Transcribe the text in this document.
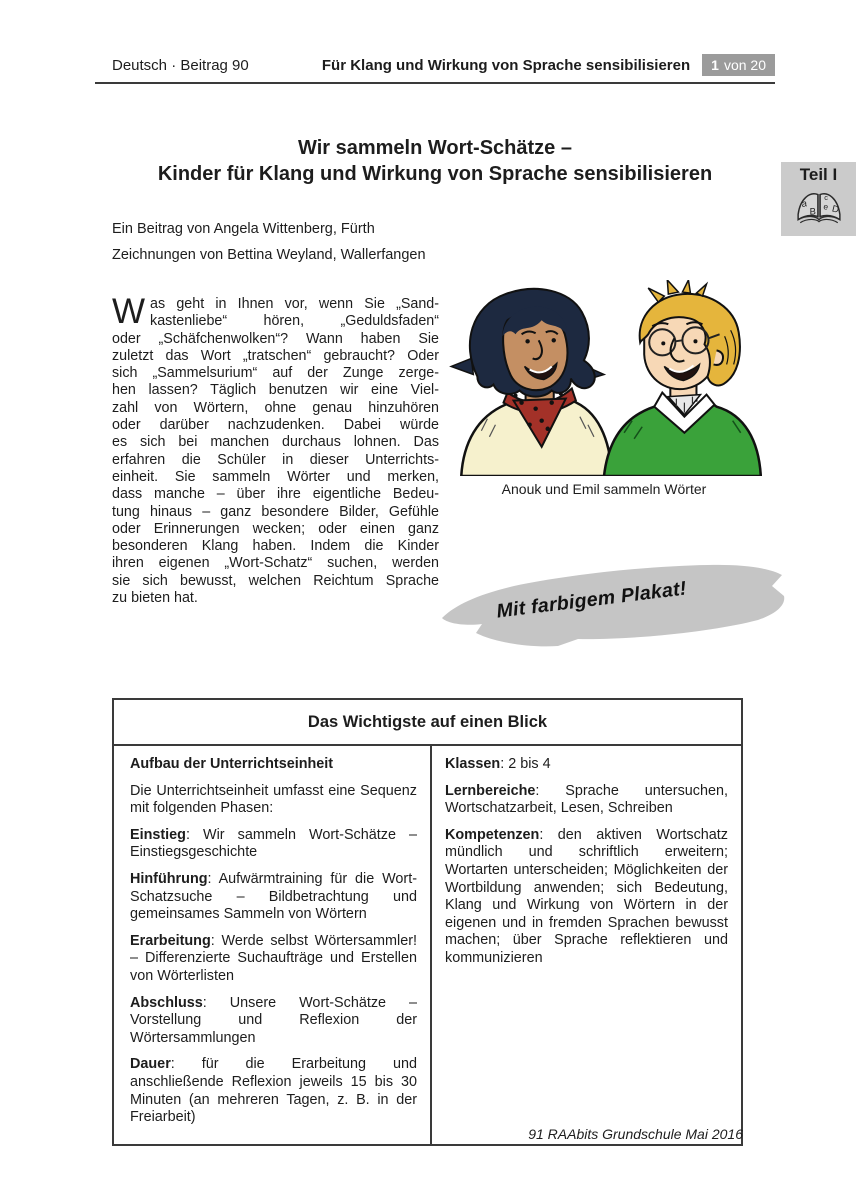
Deutsch · Beitrag 90	Für Klang und Wirkung von Sprache sensibilisieren	1 von 20
Wir sammeln Wort-Schätze –
Kinder für Klang und Wirkung von Sprache sensibilisieren	Teil I
a
B
c
e D
Ein Beitrag von Angela Wittenberg, Fürth
Zeichnungen von Bettina Weyland, Wallerfangen
W as geht in Ihnen vor, wenn Sie „Sand-
kastenliebe“ hören, „Geduldsfaden“
oder „Schäfchenwolken“? Wann haben Sie
zuletzt das Wort „tratschen“ gebraucht? Oder
sich „Sammelsurium“ auf der Zunge zerge-
hen lassen? Täglich benutzen wir eine Viel-
zahl von Wörtern, ohne genau hinzuhören
oder darüber nachzudenken. Dabei würde
es sich bei manchen durchaus lohnen. Das
erfahren die Schüler in dieser Unterrichts-
einheit. Sie sammeln Wörter und merken,
dass manche – über ihre eigentliche Bedeu-
tung hinaus – ganz besondere Bilder, Gefühle
oder Erinnerungen wecken; oder einen ganz
besonderen Klang haben. Indem die Kinder
ihren eigenen „Wort-Schatz“ suchen, werden
sie sich bewusst, welchen Reichtum Sprache
zu bieten hat.
Anouk und Emil sammeln Wörter
Mit farbigem Plakat!
Das Wichtigste auf einen Blick

Aufbau der Unterrichtseinheit

Die Unterrichtseinheit umfasst eine Sequenz mit folgenden Phasen:

Einstieg: Wir sammeln Wort-Schätze – Einstiegsgeschichte

Hinführung: Aufwärmtraining für die Wort-Schatzsuche – Bildbetrachtung und gemeinsames Sammeln von Wörtern

Erarbeitung: Werde selbst Wörtersammler! – Differenzierte Suchaufträge und Erstellen von Wörterlisten

Abschluss: Unsere Wort-Schätze – Vorstellung und Reflexion der Wörtersammlungen

Dauer: für die Erarbeitung und anschließende Reflexion jeweils 15 bis 30 Minuten (an mehreren Tagen, z. B. in der Freiarbeit)

Klassen: 2 bis 4

Lernbereiche: Sprache untersuchen, Wortschatzarbeit, Lesen, Schreiben

Kompetenzen: den aktiven Wortschatz mündlich und schriftlich erweitern; Wortarten unterscheiden; Möglichkeiten der Wortbildung anwenden; sich Bedeutung, Klang und Wirkung von Wörtern in der eigenen und in fremden Sprachen bewusst machen; über Sprache reflektieren und kommunizieren

91 RAAbits Grundschule Mai 2016
